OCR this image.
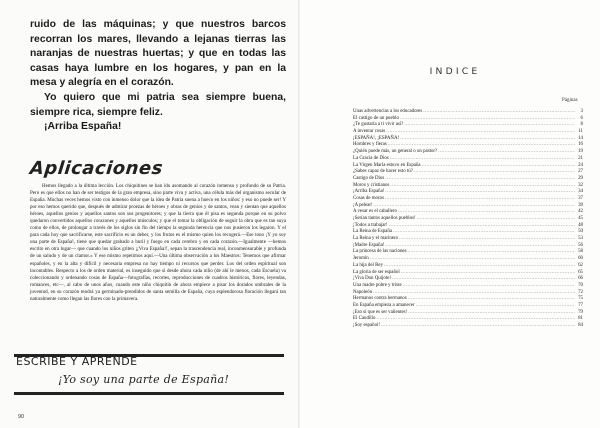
ruido de las máquinas; y que nuestros barcos recorran los mares, llevando a lejanas tierras las naranjas de nuestras huertas; y que en todas las casas haya lumbre en los hogares, y pan en la mesa y alegría en el corazón.

Yo quiero que mi patria sea siempre buena, siempre rica, siempre feliz.

¡Arriba España!

Aplicaciones

Hemos llegado a la última lección. Los chiquitines se han ido asomando al corazón inmenso y profundo de su Patria. Pero es que ellos no han de ser testigos de la gran empresa, sino parte viva y activa, una célula más del organismo secular de España. Muchas veces hemos visto con inmenso dolor que la idea de Patria suena a hueco en los niños: y eso no puede ser! Y por eso hemos querido que, después de admirar proezas de héroes y obras de genios y de santos, vean y sientan que aquellos héroes, aquellos genios y aquellos santos son sus progenitores; y que la tierra que él pisa es segunda porque en su polvo quedaron convertidos aquellos corazones y aquellos músculos; y que el tomar la obligación de seguir la obra que es tan suya como de ellos, de prolongar a través de los siglos sin fin del tiempo la segunda herencia que nos pusieron los legaron. Y el para cada hoy que sacrificarse, este sacrificio es un deber, y los frutos es el mismo quien los recogerá.—Ese tono ¡Y yo soy una parte de España!, tiene que quedar grabado a buril y fuego en cada cerebro y en cada corazón.—Igualmente —hemos escrito en otra lugar— que cuando los niños griten ¡¡Viva España!!, sepan la trascendencia real, inconmensurable y profunda de un saludo y de un clamor.» Y ese mismo repetimos aquí.—Una última observación a los Maestros: Tenemos que afirmar españoles, y en la alta y difícil y necesaria empresa no hay tiempo ni recursos que perder. Los del orden espiritual son incontables. Respecto a los de orden material, es inseguido que si desde ahora cada niño (de ahí le menos, cada Escuela) va coleccionando y ordenando cosas de España—fotografías, recortes, reproducciones de cuadros históricos, flores, leyendas, romances, etc—, al cabo de unos años, cuando este niño chiquitín de ahora empiece a pisar los dorados umbrales de la juventud, en su corazón tendrá ya germinado-prendidos de santa semilla de España, cuya esplendorosa floración llegará tan naturalmente como llegan las flores con la primavera.

ESCRIBE Y APRENDE
¡Yo soy una parte de España!
90
INDICE
Páginas
Unas advertencias a los educadores .....	3
El castigo de un pueblo .....	6
¿Te gustaría a ti vivir así? .....	8
A inventar cosas .....	11
¡ESPAÑA!, ¡ESPAÑA! .....	14
Hombres y fieras .....	16
¿Quién puede más, un general o un pastor? .....	19
La Gracia de Dios .....	21
La Virgen María estuvo en España .....	24
¿Sabes capaz de hacer esto tú? .....	27
Castigo de Dios .....	29
Moros y cristianos .....	32
¡Arriba España! .....	34
Cosas de moros .....	37
¡A pelear! .....	39
A vesar es el caballero .....	42
¡Serían tantos aquellos pueblos! .....	45
¡Todos a trabajar! .....	48
La Reina de España .....	50
La Reina y el marinero .....	53
¡Madre España! .....	56
La princesa de las naciones .....	58
Jeromín .....	60
La hija del Rey .....	62
La gloria de ser español .....	65
¡Viva Don Quijote! .....	66
Una madre pobre y triste .....	70
Napoleón .....	72
Hermanos contra hermanos .....	75
En España empieza a amanecer .....	77
¡Eso sí que es ser valientes! .....	79
El Caudillo .....	81
¡Soy español! .....	84
